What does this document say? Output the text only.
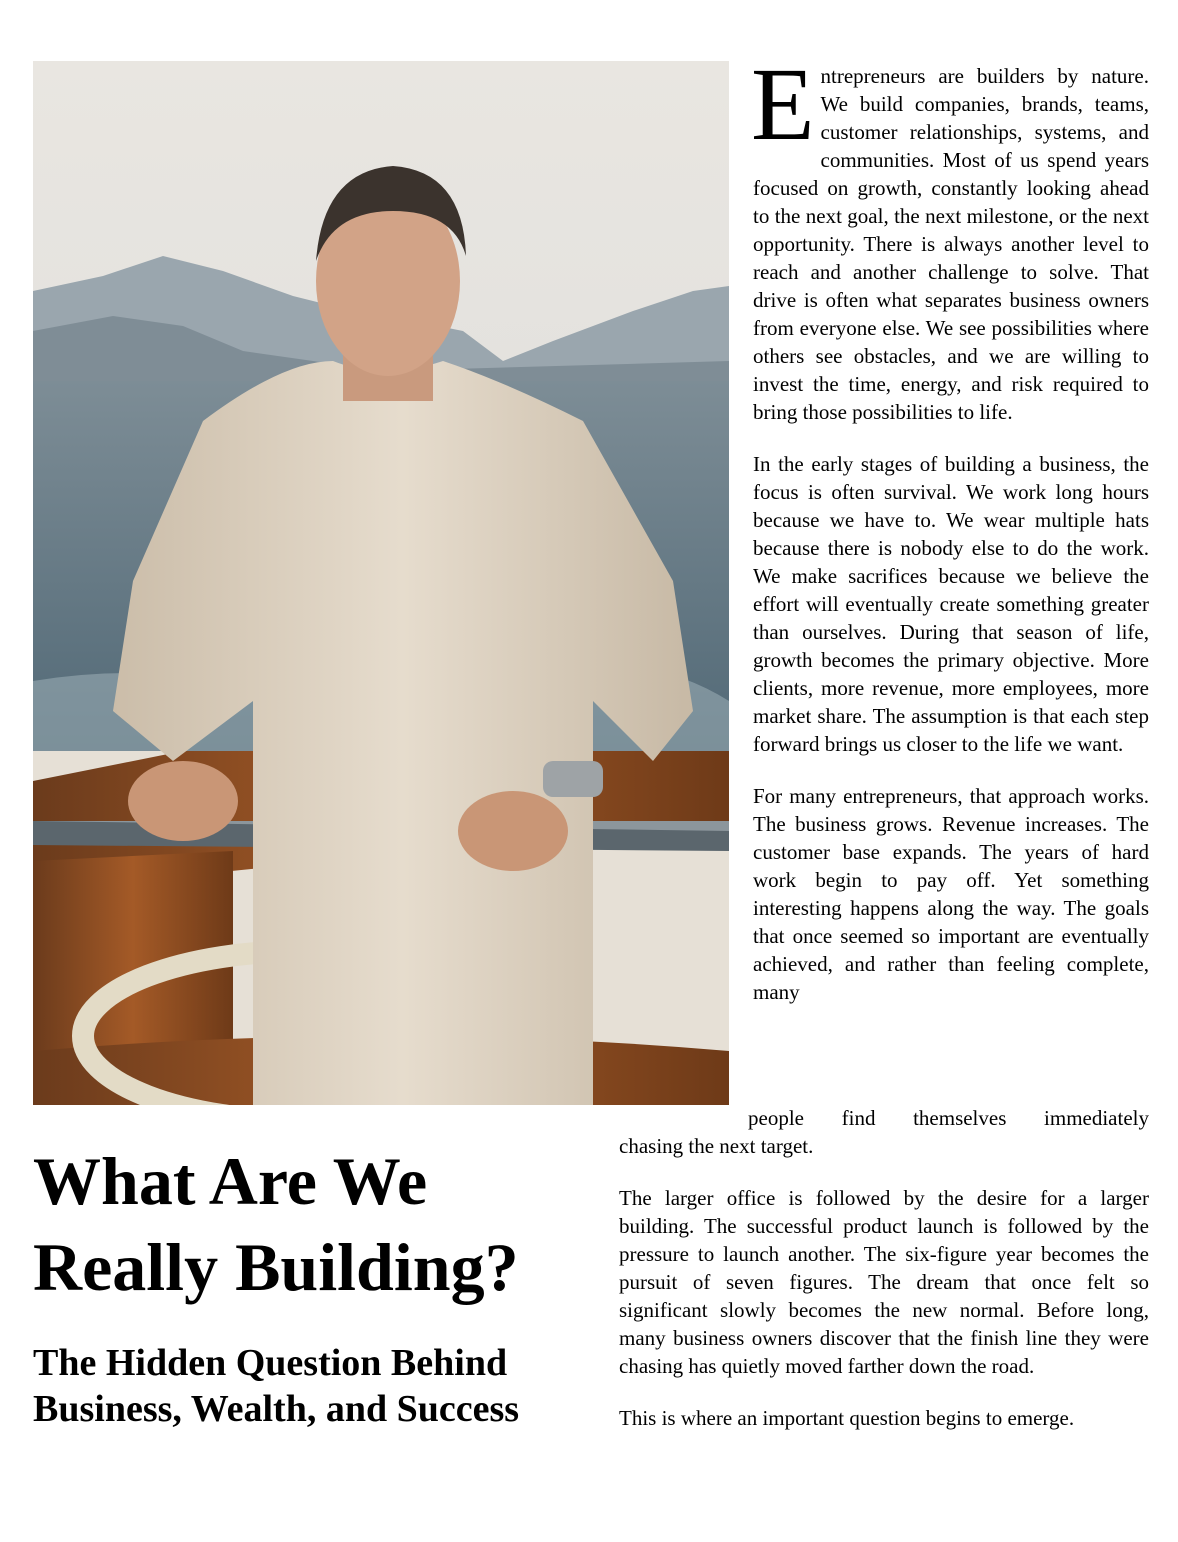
Entrepreneurs are builders by nature. We build companies, brands, teams, customer relationships, systems, and communities. Most of us spend years focused on growth, constantly looking ahead to the next goal, the next milestone, or the next opportunity. There is always another level to reach and another challenge to solve. That drive is often what separates business owners from everyone else. We see possibilities where others see obstacles, and we are willing to invest the time, energy, and risk required to bring those possibilities to life.

In the early stages of building a business, the focus is often survival. We work long hours because we have to. We wear multiple hats because there is nobody else to do the work. We make sacrifices because we believe the effort will eventually create something greater than ourselves. During that season of life, growth becomes the primary objective. More clients, more revenue, more employees, more market share. The assumption is that each step forward brings us closer to the life we want.

For many entrepreneurs, that approach works. The business grows. Revenue increases. The customer base expands. The years of hard work begin to pay off. Yet something interesting happens along the way. The goals that once seemed so important are eventually achieved, and rather than feeling complete, many

people find themselves immediately
chasing the next target.

The larger office is followed by the desire for a larger building. The successful product launch is followed by the pressure to launch another. The six-figure year becomes the pursuit of seven figures. The dream that once felt so significant slowly becomes the new normal. Before long, many business owners discover that the finish line they were chasing has quietly moved farther down the road.

This is where an important question begins to emerge.

What Are We Really Building?
The Hidden Question Behind Business, Wealth, and Success
